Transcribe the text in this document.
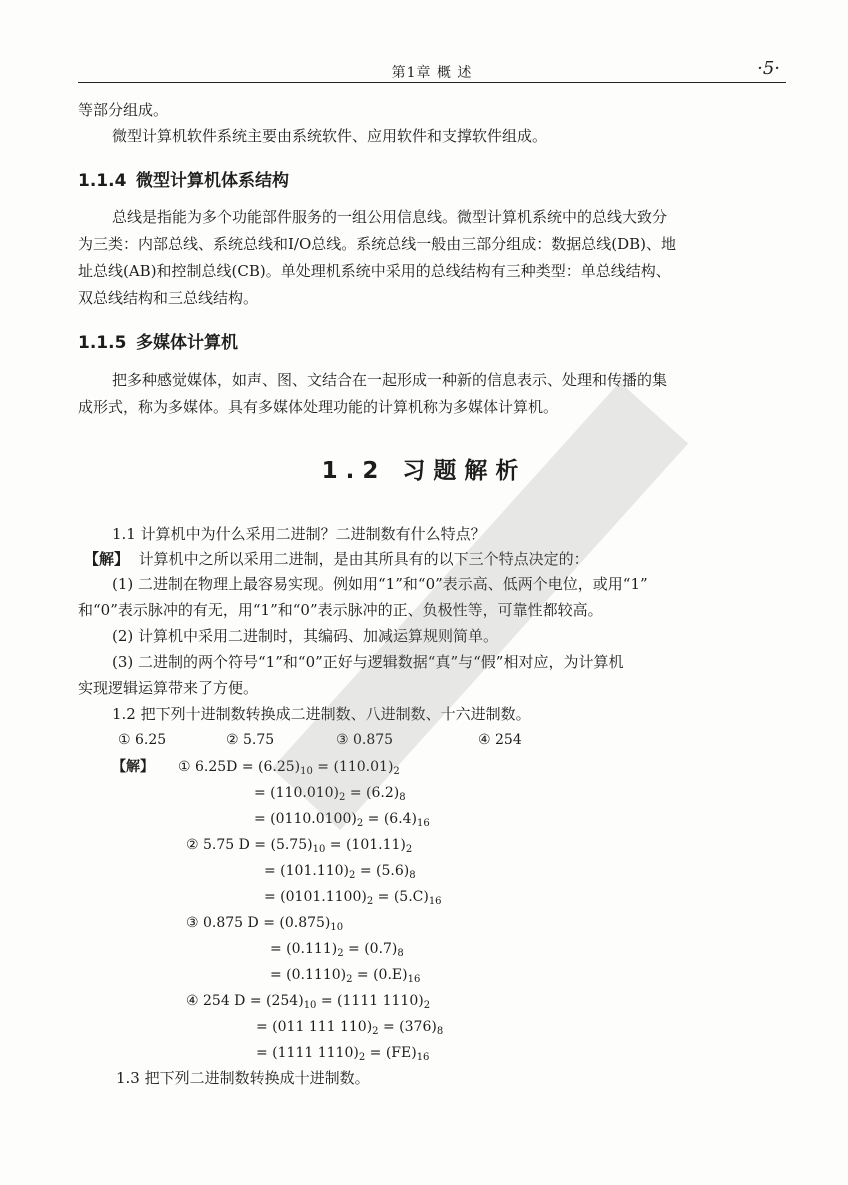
第1章 概 述	·5·
等部分组成。
微型计算机软件系统主要由系统软件、应用软件和支撑软件组成。
1.1.4 微型计算机体系结构
总线是指能为多个功能部件服务的一组公用信息线。微型计算机系统中的总线大致分
为三类：内部总线、系统总线和I/O总线。系统总线一般由三部分组成：数据总线(DB)、地
址总线(AB)和控制总线(CB)。单处理机系统中采用的总线结构有三种类型：单总线结构、
双总线结构和三总线结构。
1.1.5 多媒体计算机
把多种感觉媒体，如声、图、文结合在一起形成一种新的信息表示、处理和传播的集
成形式，称为多媒体。具有多媒体处理功能的计算机称为多媒体计算机。
1.2 习题解析
1.1 计算机中为什么采用二进制？二进制数有什么特点？
【解】 计算机中之所以采用二进制，是由其所具有的以下三个特点决定的：
(1) 二进制在物理上最容易实现。例如用“1”和“0”表示高、低两个电位，或用“1”
和“0”表示脉冲的有无，用“1”和“0”表示脉冲的正、负极性等，可靠性都较高。
(2) 计算机中采用二进制时，其编码、加减运算规则简单。
(3) 二进制的两个符号“1”和“0”正好与逻辑数据“真”与“假”相对应，为计算机
实现逻辑运算带来了方便。
1.2 把下列十进制数转换成二进制数、八进制数、十六进制数。
① 6.25	② 5.75	③ 0.875	④ 254
【解】	① $6.25D = (6.25)_{10} = (110.01)_2$
= $(110.010)_2 = (6.2)_8$
= $(0110.0100)_2 = (6.4)_{16}$
② 5.75 $D = (5.75)_{10} = (101.11)_2$
= $(101.110)_2 = (5.6)_8$
= $(0101.1100)_2 = (5.C)_{16}$
③ 0.875 $D = (0.875)_{10}$
= $(0.111)_2 = (0.7)_8$
= $(0.1110)_2 = (0.E)_{16}$
④ 254 $D = (254)_{10} = (1111$ $1110)_2$
= (011 111 $110)_2 = (376)_8$
= (1111 $1110)_2 = (FE)_{16}$
1.3 把下列二进制数转换成十进制数。
